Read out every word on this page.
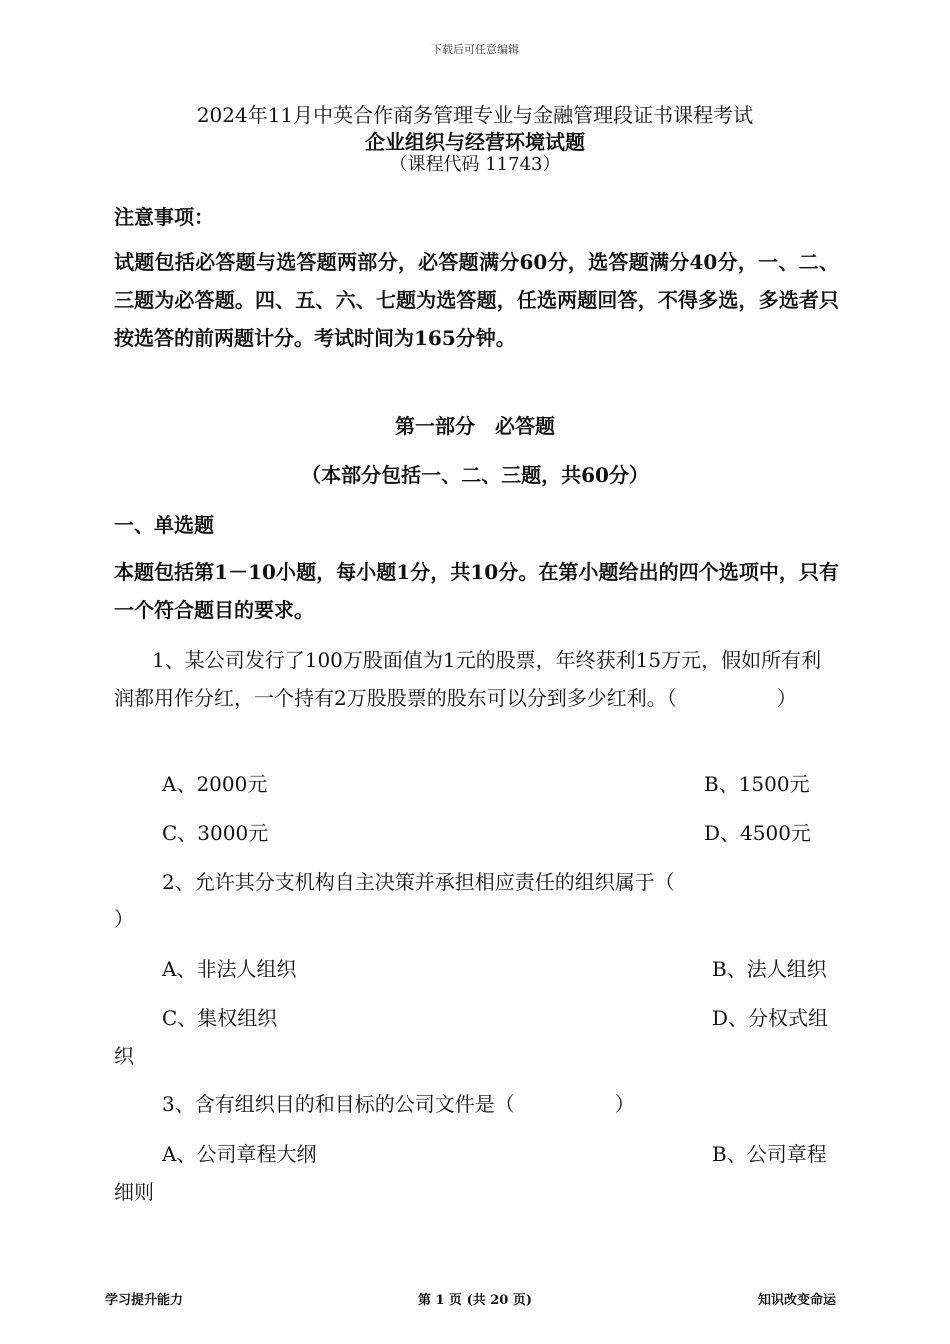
下载后可任意编辑
2024年11月中英合作商务管理专业与金融管理段证书课程考试
企业组织与经营环境试题
（课程代码 11743）
注意事项：
试题包括必答题与选答题两部分，必答题满分60分，选答题满分40分，一、二、三题为必答题。四、五、六、七题为选答题，任选两题回答，不得多选，多选者只按选答的前两题计分。考试时间为165分钟。
第一部分　必答题
（本部分包括一、二、三题，共60分）
一、单选题
本题包括第1－10小题，每小题1分，共10分。在第小题给出的四个选项中，只有一个符合题目的要求。
1、某公司发行了100万股面值为1元的股票，年终获利15万元，假如所有利润都用作分红，一个持有2万股股票的股东可以分到多少红利。（　　　　　）
A、2000元	B、1500元
C、3000元	D、4500元
2、允许其分支机构自主决策并承担相应责任的组织属于（
）
A、非法人组织	B、法人组织
C、集权组织	D、分权式组
织
3、含有组织目的和目标的公司文件是（　　　　　）
A、公司章程大纲	B、公司章程
细则
学习提升能力	第 1 页 (共 20 页)	知识改变命运
